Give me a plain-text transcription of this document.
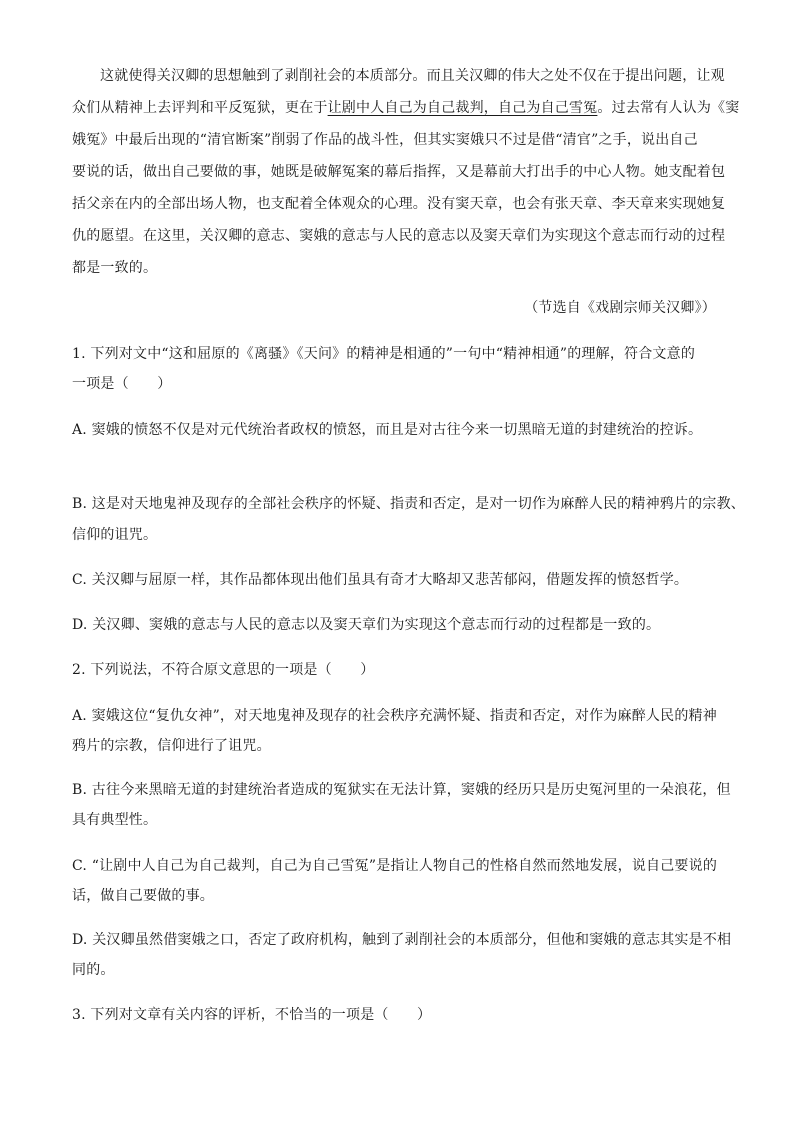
这就使得关汉卿的思想触到了剥削社会的本质部分。而且关汉卿的伟大之处不仅在于提出问题，让观
众们从精神上去评判和平反冤狱，更在于让剧中人自己为自己裁判，自己为自己雪冤。过去常有人认为《窦
娥冤》中最后出现的“清官断案”削弱了作品的战斗性，但其实窦娥只不过是借“清官”之手，说出自己
要说的话，做出自己要做的事，她既是破解冤案的幕后指挥，又是幕前大打出手的中心人物。她支配着包
括父亲在内的全部出场人物，也支配着全体观众的心理。没有窦天章，也会有张天章、李天章来实现她复
仇的愿望。在这里，关汉卿的意志、窦娥的意志与人民的意志以及窦天章们为实现这个意志而行动的过程
都是一致的。
（节选自《戏剧宗师关汉卿》）
1. 下列对文中“这和屈原的《离骚》《天问》的精神是相通的”一句中“精神相通”的理解，符合文意的
一项是（　　）
A. 窦娥的愤怒不仅是对元代统治者政权的愤怒，而且是对古往今来一切黑暗无道的封建统治的控诉。
B. 这是对天地鬼神及现存的全部社会秩序的怀疑、指责和否定，是对一切作为麻醉人民的精神鸦片的宗教、
信仰的诅咒。
C. 关汉卿与屈原一样，其作品都体现出他们虽具有奇才大略却又悲苦郁闷，借题发挥的愤怒哲学。
D. 关汉卿、窦娥的意志与人民的意志以及窦天章们为实现这个意志而行动的过程都是一致的。
2. 下列说法，不符合原文意思的一项是（　　）
A. 窦娥这位“复仇女神”，对天地鬼神及现存的社会秩序充满怀疑、指责和否定，对作为麻醉人民的精神
鸦片的宗教，信仰进行了诅咒。
B. 古往今来黑暗无道的封建统治者造成的冤狱实在无法计算，窦娥的经历只是历史冤河里的一朵浪花，但
具有典型性。
C. “让剧中人自己为自己裁判，自己为自己雪冤”是指让人物自己的性格自然而然地发展，说自己要说的
话，做自己要做的事。
D. 关汉卿虽然借窦娥之口，否定了政府机构，触到了剥削社会的本质部分，但他和窦娥的意志其实是不相
同的。
3. 下列对文章有关内容的评析，不恰当的一项是（　　）
